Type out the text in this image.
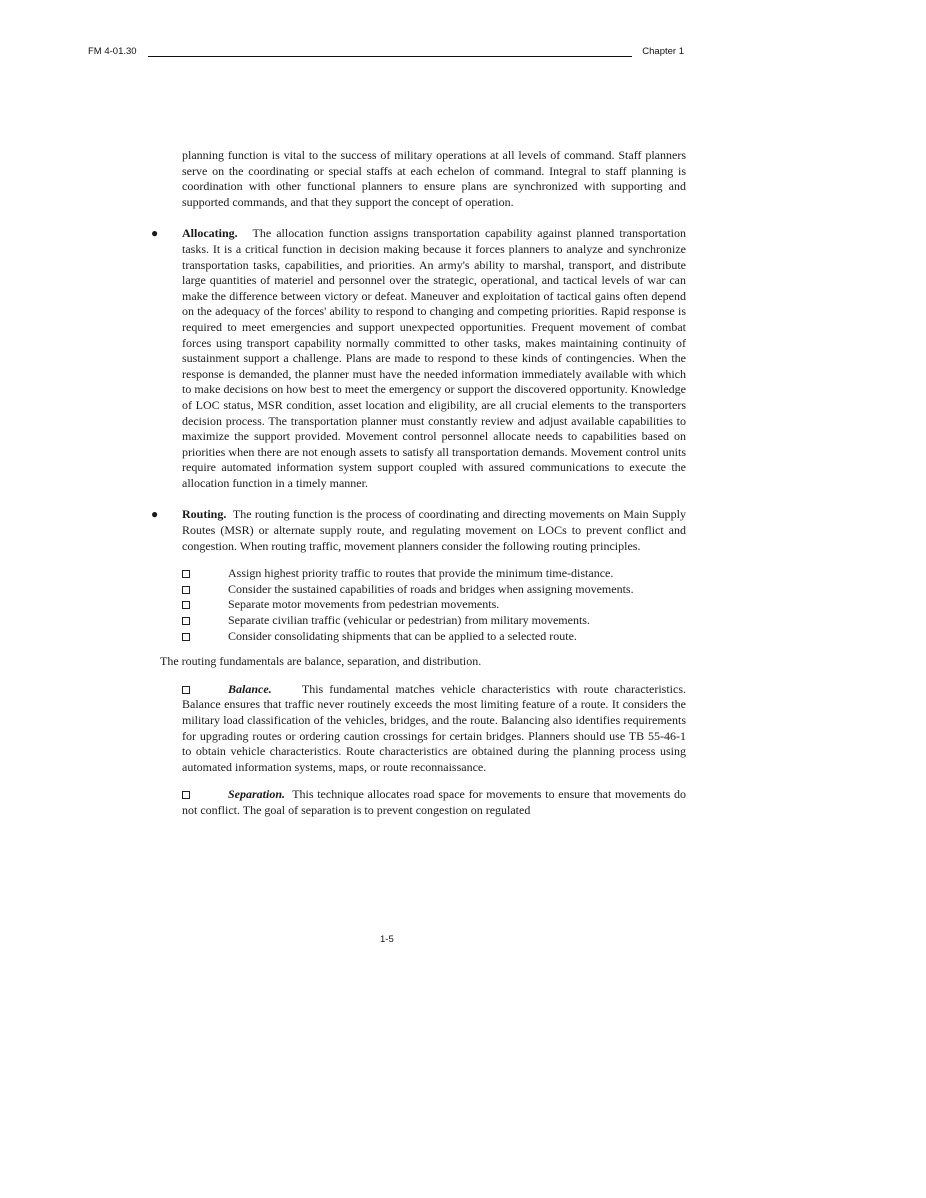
FM 4-01.30	Chapter 1

planning function is vital to the success of military operations at all levels of command. Staff planners serve on the coordinating or special staffs at each echelon of command. Integral to staff planning is coordination with other functional planners to ensure plans are synchronized with supporting and supported commands, and that they support the concept of operation.

● Allocating. The allocation function assigns transportation capability against planned transportation tasks. It is a critical function in decision making because it forces planners to analyze and synchronize transportation tasks, capabilities, and priorities. An army's ability to marshal, transport, and distribute large quantities of materiel and personnel over the strategic, operational, and tactical levels of war can make the difference between victory or defeat. Maneuver and exploitation of tactical gains often depend on the adequacy of the forces' ability to respond to changing and competing priorities. Rapid response is required to meet emergencies and support unexpected opportunities. Frequent movement of combat forces using transport capability normally committed to other tasks, makes maintaining continuity of sustainment support a challenge. Plans are made to respond to these kinds of contingencies. When the response is demanded, the planner must have the needed information immediately available with which to make decisions on how best to meet the emergency or support the discovered opportunity. Knowledge of LOC status, MSR condition, asset location and eligibility, are all crucial elements to the transporters decision process. The transportation planner must constantly review and adjust available capabilities to maximize the support provided. Movement control personnel allocate needs to capabilities based on priorities when there are not enough assets to satisfy all transportation demands. Movement control units require automated information system support coupled with assured communications to execute the allocation function in a timely manner.

● Routing. The routing function is the process of coordinating and directing movements on Main Supply Routes (MSR) or alternate supply route, and regulating movement on LOCs to prevent conflict and congestion. When routing traffic, movement planners consider the following routing principles.

Assign highest priority traffic to routes that provide the minimum time-distance.
Consider the sustained capabilities of roads and bridges when assigning movements.
Separate motor movements from pedestrian movements.
Separate civilian traffic (vehicular or pedestrian) from military movements.
Consider consolidating shipments that can be applied to a selected route.

The routing fundamentals are balance, separation, and distribution.

Balance.	This fundamental matches vehicle characteristics with route characteristics. Balance ensures that traffic never routinely exceeds the most limiting feature of a route. It considers the military load classification of the vehicles, bridges, and the route. Balancing also identifies requirements for upgrading routes or ordering caution crossings for certain bridges. Planners should use TB 55-46-1 to obtain vehicle characteristics. Route characteristics are obtained during the planning process using automated information systems, maps, or route reconnaissance.

Separation. This technique allocates road space for movements to ensure that movements do not conflict. The goal of separation is to prevent congestion on regulated

1-5
